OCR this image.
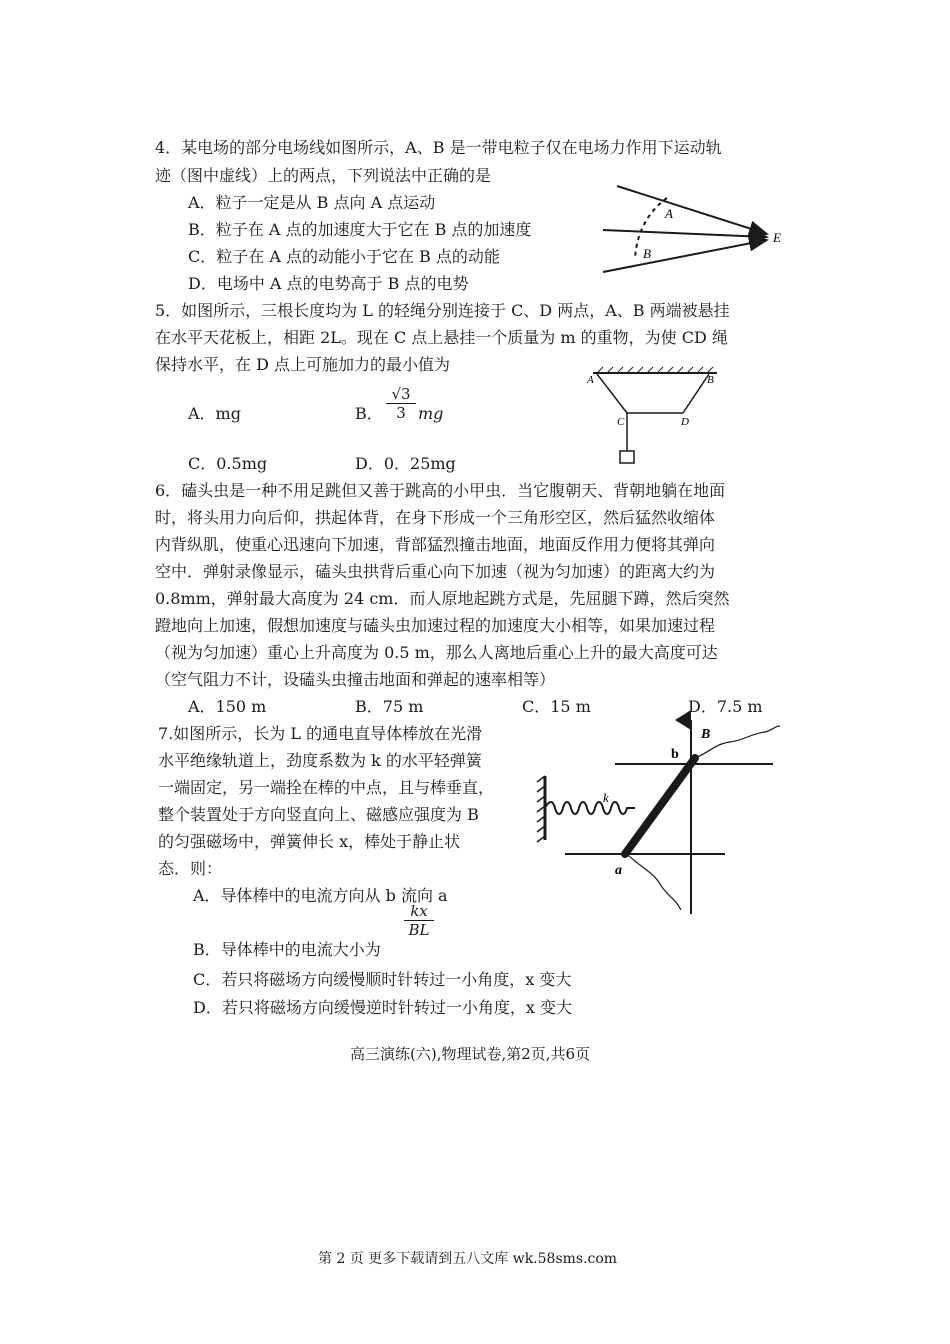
4．某电场的部分电场线如图所示，A、B 是一带电粒子仅在电场力作用下运动轨
迹（图中虚线）上的两点，下列说法中正确的是
A．粒子一定是从 B 点向 A 点运动
B．粒子在 A 点的加速度大于它在 B 点的加速度
C．粒子在 A 点的动能小于它在 B 点的动能
D．电场中 A 点的电势高于 B 点的电势
A
B
E
5．如图所示，三根长度均为 L 的轻绳分别连接于 C、D 两点，A、B 两端被悬挂
在水平天花板上，相距 2L。现在 C 点上悬挂一个质量为 m 的重物，为使 CD 绳
保持水平，在 D 点上可施加力的最小值为
A．mg	B． $\frac{√3}{3}$ mg
C．0.5mg	D．0．25mg
A	B
C	D
6．磕头虫是一种不用足跳但又善于跳高的小甲虫．当它腹朝天、背朝地躺在地面
时，将头用力向后仰，拱起体背，在身下形成一个三角形空区，然后猛然收缩体
内背纵肌，使重心迅速向下加速，背部猛烈撞击地面，地面反作用力便将其弹向
空中．弹射录像显示，磕头虫拱背后重心向下加速（视为匀加速）的距离大约为
0.8mm，弹射最大高度为 24 cm．而人原地起跳方式是，先屈腿下蹲，然后突然
蹬地向上加速，假想加速度与磕头虫加速过程的加速度大小相等，如果加速过程
（视为匀加速）重心上升高度为 0.5 m，那么人离地后重心上升的最大高度可达
（空气阻力不计，设磕头虫撞击地面和弹起的速率相等）
A．150 m	B．75 m	C．15 m	D．7.5 m
7.如图所示，长为 L 的通电直导体棒放在光滑
水平绝缘轨道上，劲度系数为 k 的水平轻弹簧
一端固定，另一端拴在棒的中点，且与棒垂直，
整个装置处于方向竖直向上、磁感应强度为 B
的匀强磁场中，弹簧伸长 x，棒处于静止状
态．则：
A．导体棒中的电流方向从 b 流向 a
B．导体棒中的电流大小为
$\frac{kx}{BL}$
C．若只将磁场方向缓慢顺时针转过一小角度，x 变大
D．若只将磁场方向缓慢逆时针转过一小角度，x 变大
B
b
k
a
高三演练(六),物理试卷,第2页,共6页
第 2 页 更多下载请到五八文库 wk.58sms.com
